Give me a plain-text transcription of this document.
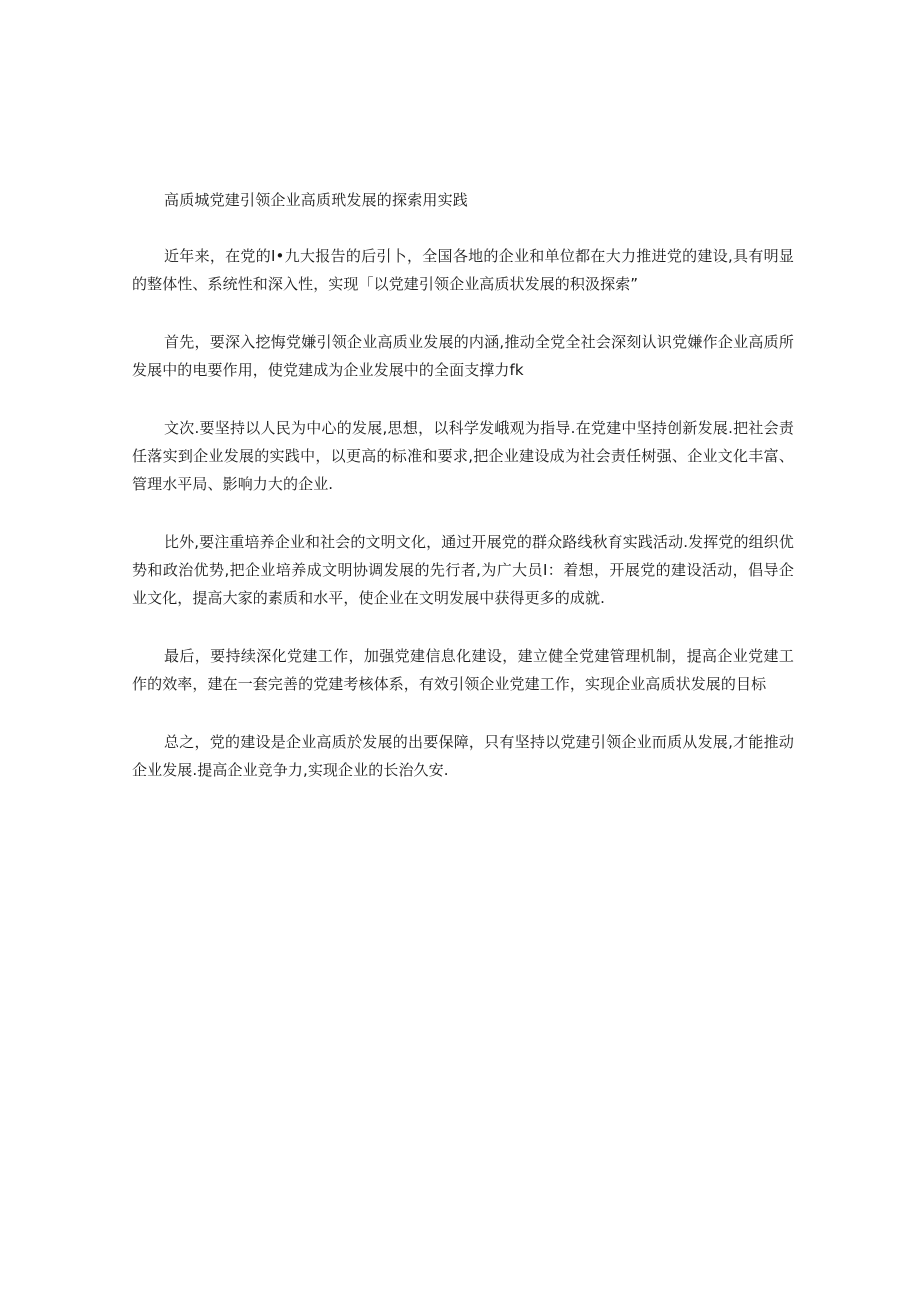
高质城党建引领企业高质玳发展的探索用实践

近年来，在党的I•九大报告的后引卜，全国各地的企业和单位都在大力推进党的建设,具有明显的整体性、系统性和深入性，实现「以党建引领企业高质状发展的积汲探索”

首先，要深入挖悔党嫌引领企业高质业发展的内涵,推动全党全社会深刻认识党嫌作企业高质所发展中的电要作用，使党建成为企业发展中的全面支撑力fk

文次.要坚持以人民为中心的发展,思想，以科学发峨观为指导.在党建中坚持创新发展.把社会责任落实到企业发展的实践中，以更高的标准和要求,把企业建设成为社会责任树强、企业文化丰富、管理水平局、影响力大的企业.

比外,要注重培养企业和社会的文明文化，通过开展党的群众路线秋育实践活动.发挥党的组织优势和政治优势,把企业培养成文明协调发展的先行者,为广大员I：着想，开展党的建设活动，倡导企业文化，提高大家的素质和水平，使企业在文明发展中获得更多的成就.

最后，要持续深化党建工作，加强党建信息化建设，建立健全党建管理机制，提高企业党建工作的效率，建在一套完善的党建考核体系，有效引领企业党建工作，实现企业高质状发展的目标

总之，党的建设是企业高质於发展的出要保障，只有坚持以党建引领企业而质从发展,才能推动企业发展.提高企业竞争力,实现企业的长治久安.
